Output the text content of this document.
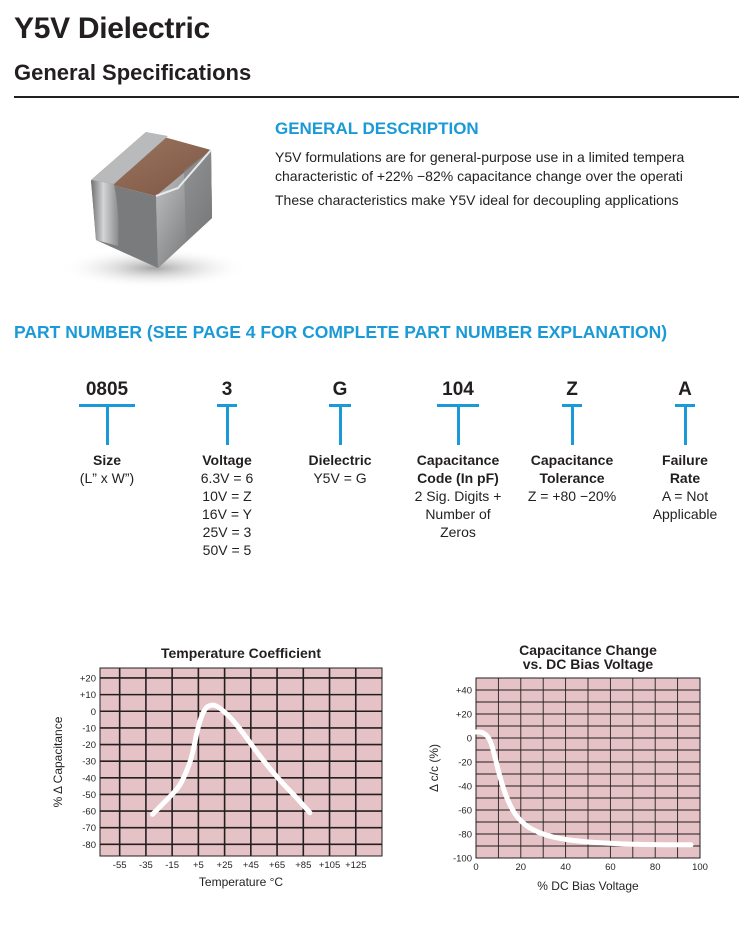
Y5V Dielectric
General Specifications
GENERAL DESCRIPTION

Y5V formulations are for general-purpose use in a limited tempera

characteristic of +22% −82% capacitance change over the operati

These characteristics make Y5V ideal for decoupling applications

PART NUMBER (SEE PAGE 4 FOR COMPLETE PART NUMBER EXPLANATION)
0805
Size
(L” x W”)
3
Voltage
6.3V = 6
10V = Z
16V = Y
25V = 3
50V = 5
G
Dielectric
Y5V = G
104
Capacitance
Code (In pF)
2 Sig. Digits +
Number of
Zeros
Z
Capacitance
Tolerance
Z = +80 −20%
A
Failure
Rate
A = Not
Applicable
-55 -35 -15 +5 +25 +45 +65 +85 +105 +125
+20
+10
0
-10
-20
-30
-40
-50
-60
-70
-80
Temperature Coefficient
Temperature °C
% Δ Capacitance
0	20	40	60	80	100
+40
+20
0
-20
-40
-60
-80
-100
Capacitance Change vs. DC Bias Voltage
% DC Bias Voltage
Δ c/c (%)
